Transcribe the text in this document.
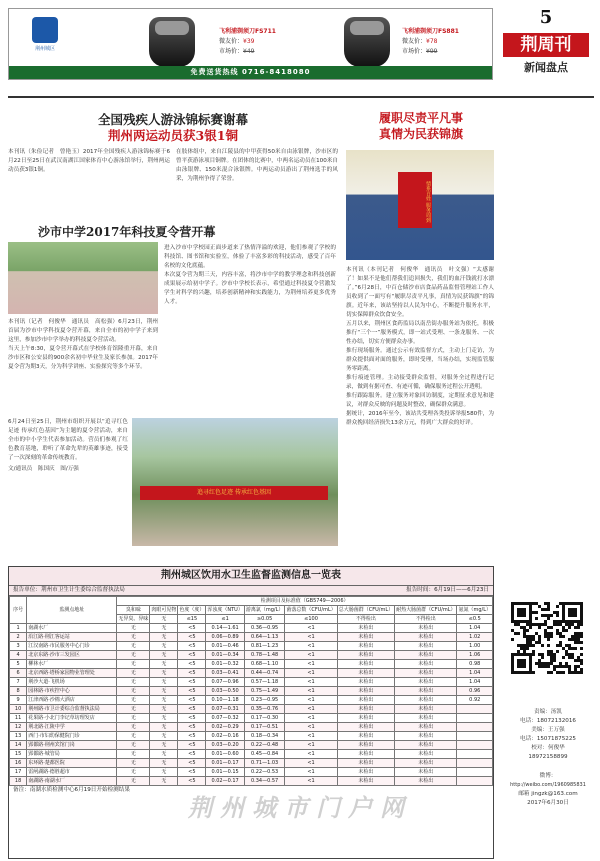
荆州城区
飞利浦剃须刀FS711
微友价：¥39
市场价：¥49
飞利浦剃须刀FS881
微友价：¥78
市场价：¥99
免费送货热线 0716-8418080
5
荆周刊
新闻盘点
全国残疾人游泳锦标赛谢幕
荆州两运动员获3银1铜
本刊讯（朱俭记者　曾艳玉）2017年全国残疾人游泳锦标赛于6月22日至25日在武汉南湖江国家体育中心游泳馆举行，荆州两运动员获3银1铜。
在肢体组中，来自江陵县的中甲获得50米自由泳银牌，沙市区的曾平获游泳项目铜牌。在团体的比赛中，中两名运动员在100米自由泳银牌、150米混合泳银牌。中两运动员游出了荆州选手的风采，为荆州争得了荣誉。
沙市中学2017年科技夏令营开幕
本刊讯（记者　何俊华　通讯员　高松强）6月23日，荆州首届为沙市中学科技夏令营开幕，来自全市的初中学子来到这里，参加沙市中学举办的科技夏令营活动。
当天上午8:30，夏令营开幕式在学校体育馆隆重开幕，来自沙市区和公安县的900余名初中毕业生及家长参加。2017年夏令营为期3天，分为科学讲座、实验探究等多个环节。
进入沙市中学校园正面步道来了热情洋溢的欢迎，他们参观了学校的科技馆、图书馆和实验室，体验了丰富多彩的科技活动，感受了百年名校的文化底蕴。
本次夏令营为期三天，内容丰富，将沙市中学的教学理念和科技创新成果展示给初中学子。沙市中学校长表示，希望通过科技夏令营激发学生对科学的兴趣，培养创新精神和实践能力，为荆州培养更多优秀人才。
6月24日至25日，荆州市组织开展以“追寻红色足迹 传承红色基因”为主题的夏令营活动，来自全市的中小学生代表参加活动。营员们参观了红色教育基地，聆听了革命先辈的英雄事迹，接受了一次深刻的革命传统教育。
文/通讯员　陈国庆　图/万强
追寻红色足迹 传承红色基因
履职尽责平凡事
真情为民获锦旗
情系百姓 服务周到
本刊讯（本刊记者　何俊华　通讯员　叶文强）“太感谢了！如果不是他们帮我们追回损失，我们的血汗钱就打水漂了。”6月28日，中百仓储沙市店食品药品监督管理站工作人员收到了一面写有“履职尽责平凡事，真情为民获锦旗”的锦旗。近年来，该站坚持以人民为中心，不断提升服务水平，切实保障群众饮食安全。
五月以来，荆州区食药监局以南岳街办服务站为依托，积极推行“三个一”服务模式，即一站式受理、一条龙服务、一次性办结，切实方便群众办事。
推行现场服务。通过公示有效监督方式，主动上门走访，为群众提供面对面的服务，即时受理，当场办结，实现监管服务零距离。
推行痕迹管理。主动接受群众监督，对服务全过程进行记录，做到有据可查、有迹可循，确保服务过程公开透明。
推行跟踪服务。建立服务对象回访制度，定期征求意见和建议，对群众反映的问题及时整改，确保群众满意。
据统计，2016年至今，该站共受理各类投诉举报580件，为群众挽回经济损失13余万元，得到广大群众的好评。
荆州城区饮用水卫生监督监测信息一览表
报告单位：荆州市卫生计生委综合监督执法局	报告时间：6月19日——6月23日
序号	监测点地址	检测项目及标准值（GB5749—2006）								
		臭和味	肉眼可见物	色度（度）	浑浊度（NTU）	游离氯（mg/L）	菌落总数（CFU/mL）	总大肠菌群（CFU/mL）	耐热大肠菌群（CFU/mL）	氨氮（mg/L）
		无异臭、异味	无	≤15	≤1	≥0.05	≤100	不得检出	不得检出	≤0.5
1	南湖水厂	无	无	<5	0.14—1.61	0.36—0.95	<1	未检出	未检出	1.04
2	沿江路·荆江客运站	无	无	<5	0.06—0.89	0.64—1.13	<1	未检出	未检出	1.02
3	江汉南路·市民服务中心门诊	无	无	<5	0.01—0.46	0.81—1.23	<1	未检出	未检出	1.00
4	北京东路·沙市三发园区	无	无	<5	0.01—0.34	0.78—1.48	<1	未检出	未检出	1.06
5	柳林水厂	无	无	<5	0.01—0.32	0.68—1.10	<1	未检出	未检出	0.98
6	北京西路·塔桥家园物业管理处	无	无	<5	0.03—0.41	0.44—0.74	<1	未检出	未检出	1.04
7	荆沙大道·飞机场	无	无	<5	0.07—0.96	0.57—1.18	<1	未检出	未检出	1.04
8	园林路·市疾控中心	无	无	<5	0.03—0.50	0.75—1.49	<1	未检出	未检出	0.96
9	江津西路·沙棉大酒店	无	无	<5	0.10—1.18	0.23—0.95	<1	未检出	未检出	0.92
10	荆州路·市卫计委综合监督执法局	无	无	<5	0.07—0.31	0.35—0.76	<1	未检出	未检出	
11	花果路·小北门李记草坊理发店	无	无	<5	0.07—0.32	0.17—0.30	<1	未检出	未检出	
12	荆北路·江陵中学	无	无	<5	0.02—0.29	0.17—0.51	<1	未检出	未检出	
13	西门·市妇幼保健院门诊	无	无	<5	0.02—0.16	0.18—0.34	<1	未检出	未检出	
14	郢都路·荆州宾馆门岗	无	无	<5	0.03—0.20	0.22—0.48	<1	未检出	未检出	
15	郢都路·城管局	无	无	<5	0.01—0.60	0.45—0.84	<1	未检出	未检出	
16	东环路·楚都医院	无	无	<5	0.01—0.17	0.71—1.03	<1	未检出	未检出	
17	雷闸湖路·德胜超市	无	无	<5	0.01—0.15	0.22—0.53	<1	未检出	未检出	
18	南湖路·南湖水厂	无	无	<5	0.02—0.17	0.34—0.57	<1	未检出	未检出	
备注：南湖水质检测中心6月19日开始检测结果
责编：汤凯
电话：18072132016
美编：王万强
电话：15071875225
校对：何俊华
18972158899
微博：
http://weibo.com/1960985831
邮箱 jingzk@163.com
2017年6月30日
荆州城市门户网
